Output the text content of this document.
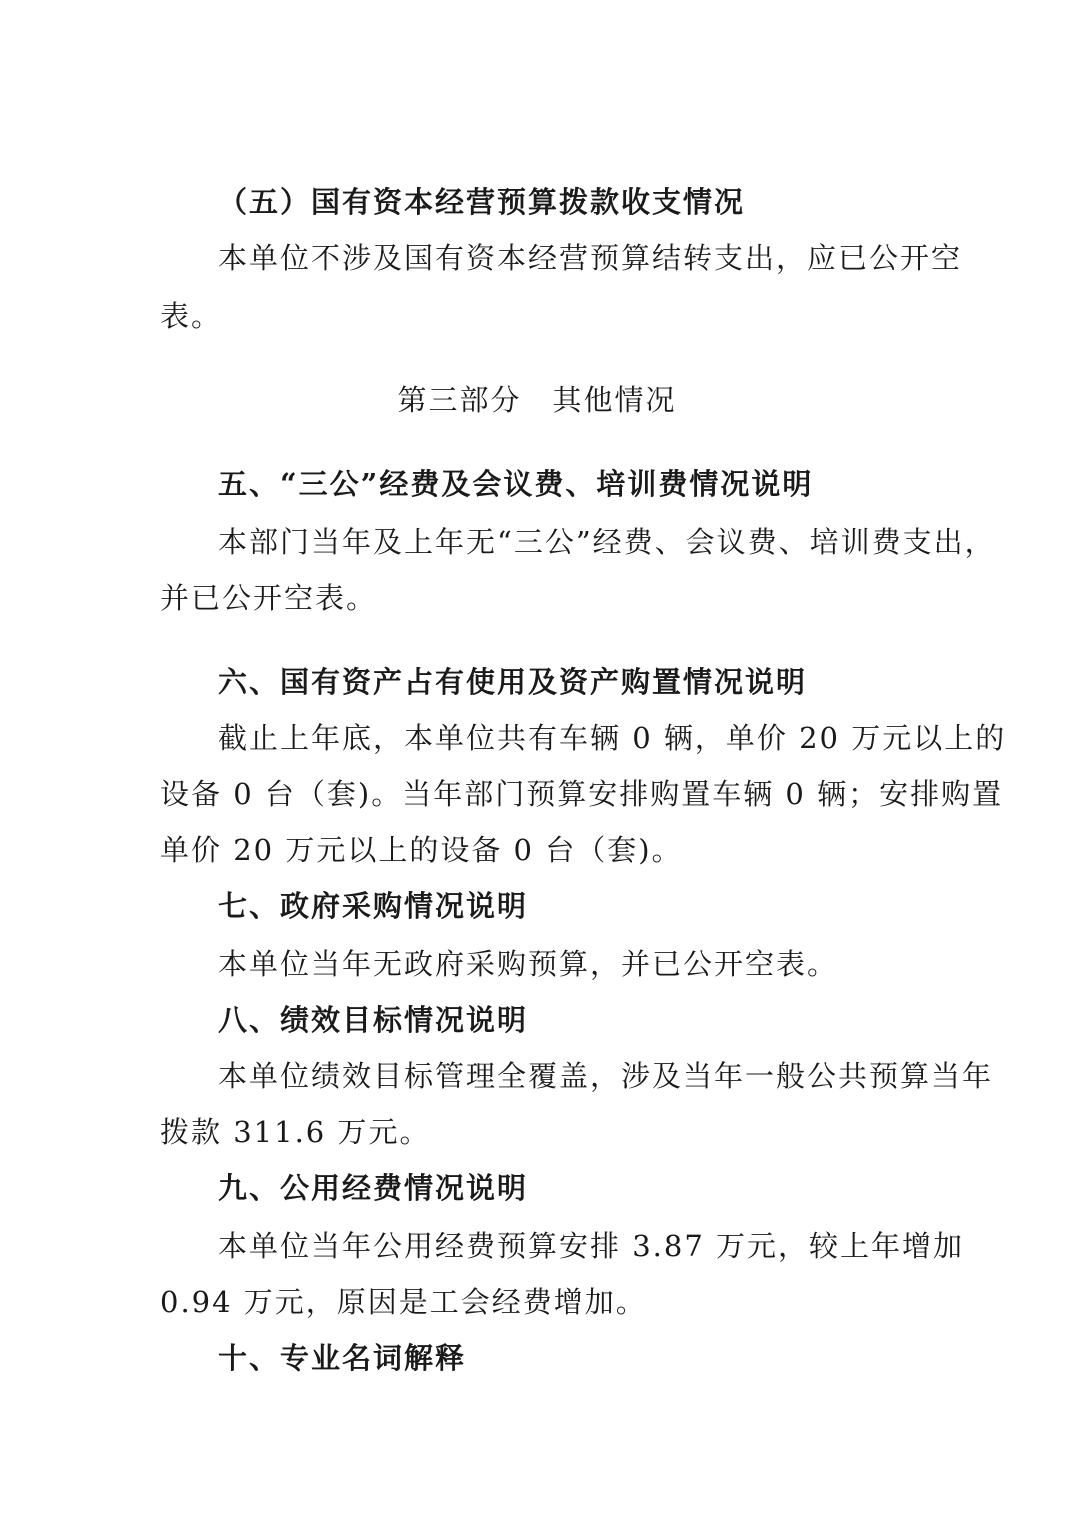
（五）国有资本经营预算拨款收支情况
本单位不涉及国有资本经营预算结转支出，应已公开空
表。
第三部分　其他情况
五、“三公”经费及会议费、培训费情况说明
本部门当年及上年无“三公”经费、会议费、培训费支出，
并已公开空表。
六、国有资产占有使用及资产购置情况说明
截止上年底，本单位共有车辆 0 辆，单价 20 万元以上的
设备 0 台（套)。当年部门预算安排购置车辆 0 辆；安排购置
单价 20 万元以上的设备 0 台（套)。
七、政府采购情况说明
本单位当年无政府采购预算，并已公开空表。
八、绩效目标情况说明
本单位绩效目标管理全覆盖，涉及当年一般公共预算当年
拨款 311.6 万元。
九、公用经费情况说明
本单位当年公用经费预算安排 3.87 万元，较上年增加
0.94 万元，原因是工会经费增加。
十、专业名词解释
